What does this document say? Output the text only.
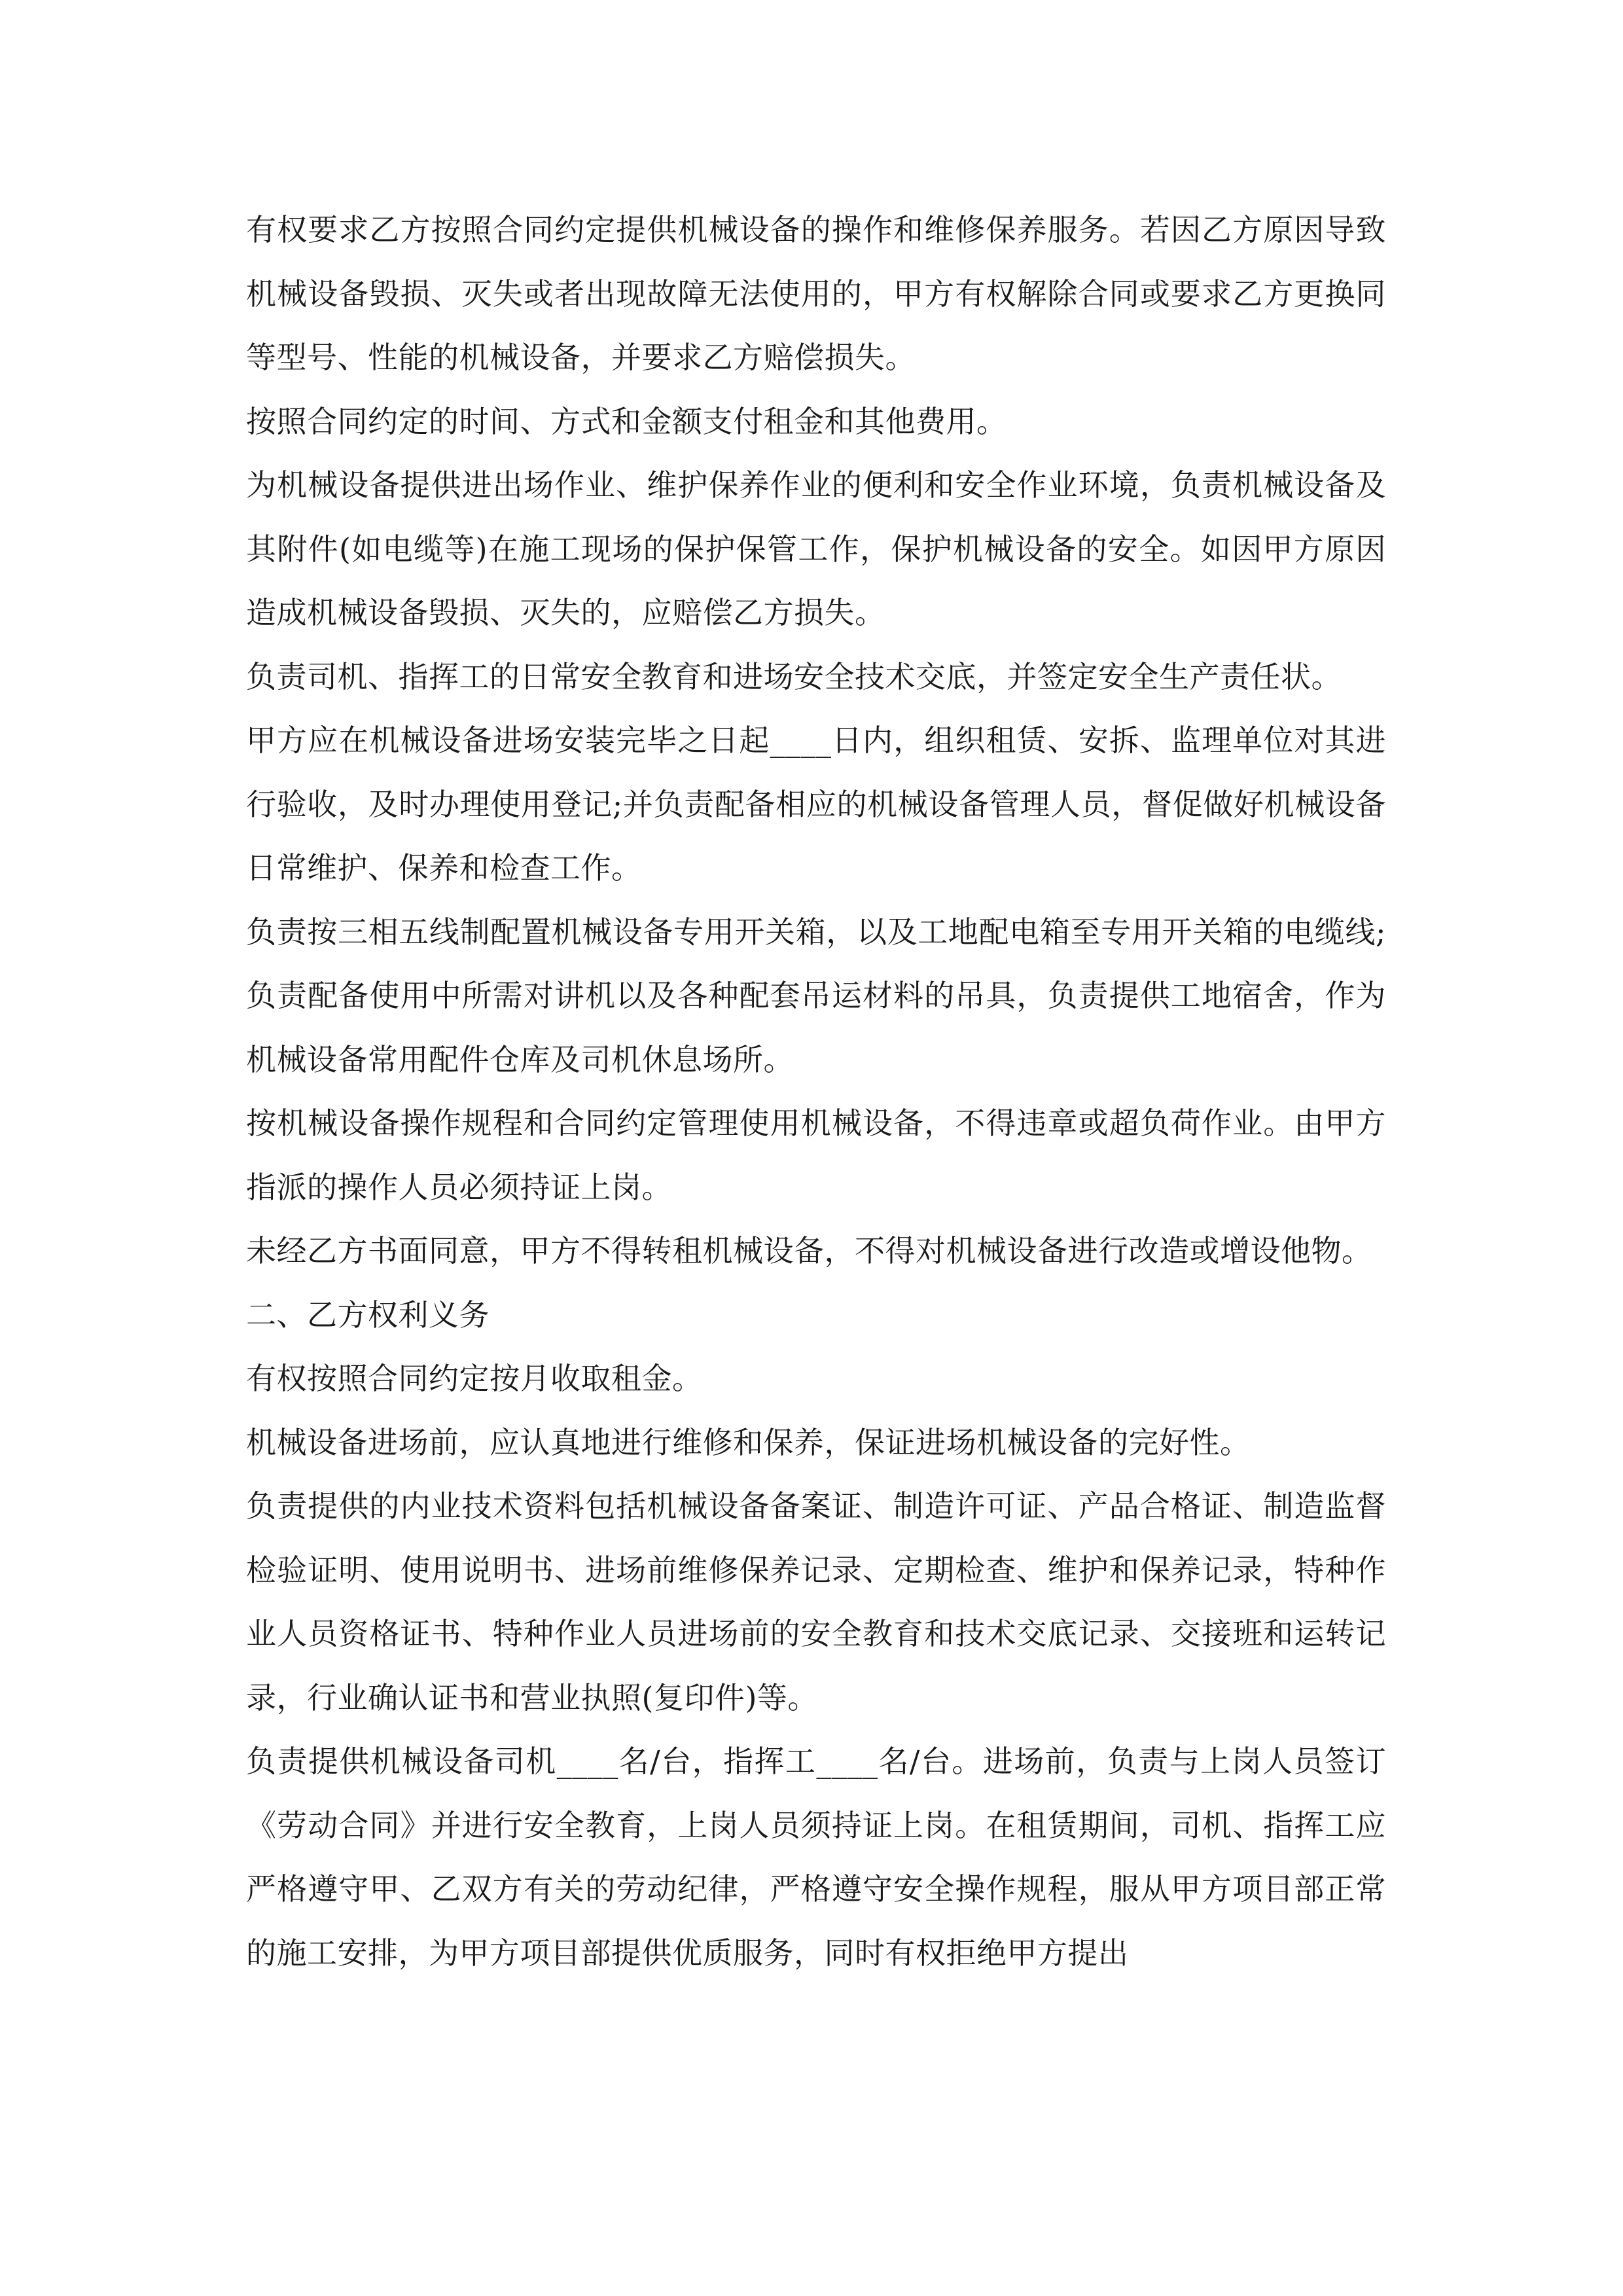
有权要求乙方按照合同约定提供机械设备的操作和维修保养服务。若因乙方原因导致机械设备毁损、灭失或者出现故障无法使用的，甲方有权解除合同或要求乙方更换同等型号、性能的机械设备，并要求乙方赔偿损失。

按照合同约定的时间、方式和金额支付租金和其他费用。

为机械设备提供进出场作业、维护保养作业的便利和安全作业环境，负责机械设备及其附件(如电缆等)在施工现场的保护保管工作，保护机械设备的安全。如因甲方原因造成机械设备毁损、灭失的，应赔偿乙方损失。

负责司机、指挥工的日常安全教育和进场安全技术交底，并签定安全生产责任状。

甲方应在机械设备进场安装完毕之日起____日内，组织租赁、安拆、监理单位对其进行验收，及时办理使用登记;并负责配备相应的机械设备管理人员，督促做好机械设备日常维护、保养和检查工作。

负责按三相五线制配置机械设备专用开关箱，以及工地配电箱至专用开关箱的电缆线;负责配备使用中所需对讲机以及各种配套吊运材料的吊具，负责提供工地宿舍，作为机械设备常用配件仓库及司机休息场所。

按机械设备操作规程和合同约定管理使用机械设备，不得违章或超负荷作业。由甲方指派的操作人员必须持证上岗。

未经乙方书面同意，甲方不得转租机械设备，不得对机械设备进行改造或增设他物。

二、乙方权利义务

有权按照合同约定按月收取租金。

机械设备进场前，应认真地进行维修和保养，保证进场机械设备的完好性。

负责提供的内业技术资料包括机械设备备案证、制造许可证、产品合格证、制造监督检验证明、使用说明书、进场前维修保养记录、定期检查、维护和保养记录，特种作业人员资格证书、特种作业人员进场前的安全教育和技术交底记录、交接班和运转记录，行业确认证书和营业执照(复印件)等。

负责提供机械设备司机____名/台，指挥工____名/台。进场前，负责与上岗人员签订《劳动合同》并进行安全教育，上岗人员须持证上岗。在租赁期间，司机、指挥工应严格遵守甲、乙双方有关的劳动纪律，严格遵守安全操作规程，服从甲方项目部正常的施工安排，为甲方项目部提供优质服务，同时有权拒绝甲方提出
